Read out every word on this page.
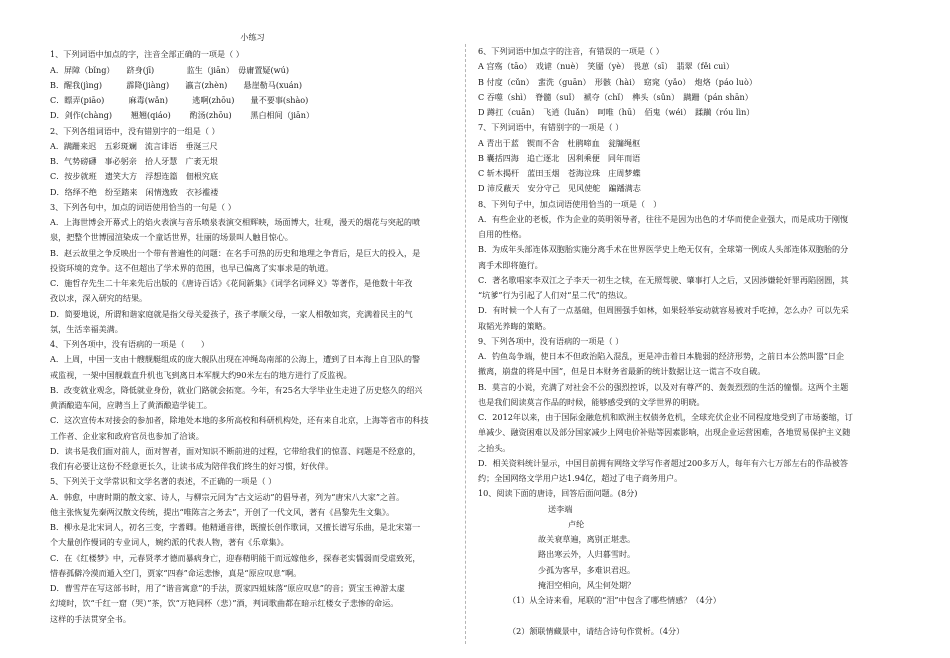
小练习
1、下列词语中加点的字，注音全部正确的一项是（ ）
A．屏障（bǐng）　　跻身(jī)　　　　监生（jiān）　毋庸置疑(wú)
B．醒我(jìng)　　　霹降(jiàng)　　瀛言(zhèn)　　悬崖勒马(xuán)
C．瞟弄(piāo)　　　麻毒(wǎn)　　　逃啊(zhōu)　　量不要事(shào)
D．剑作(chàng)　　 翘翘(qiáo)　　 酌汤(zhōu)　　 黑白相间（jiān）
2、下列各组词语中，没有错别字的一组是（ ）
A．蹒跚来迟　五彩斑斓　流言诽语　垂涎三尺
B．气势磅礴　事必躬亲　拾人牙慧　广袤无垠
C．按步就班　遗笑大方　浮想连篇　佃根究底
D．络绎不绝　纷至踏来　闲情逸致　衣衫褴褛
3、下列各句中，加点的词语使用恰当的一句是（ ）
A．上海世博会开幕式上的焰火表演与音乐喷泉表演交相辉映，场面博大，壮观，漫天的烟花与突起的喷
泉，把整个世博园渲染成一个童话世界，壮丽的场景叫人触目惊心。
B．赵云故里之争反映出一个带有普遍性的问题：在名手可热的历史和地理之争背后，是巨大的投入，是
投资环境的竞争。这不但超出了学术界的范围，也早已偏离了实事求是的轨道。
C．施哲存先生二十年来先后出版的《唐诗百话》《花间新集》《词学名词释义》等著作，是他数十年孜
孜以求，深入研究的结果。
D．简要地说，所谓和谐家庭就是指父母关爱孩子，孩子孝顺父母，一家人相敬如宾，充满着民主的气
氛，生活幸福美满。
4、下列各项中，没有语病的一项是（　　）
A．上周，中国一支由十艘舰艇组成的庞大舰队出现在冲绳岛南部的公海上，遭到了日本海上自卫队的警
戒监视，一架中国舰载直升机也飞到离日本军舰大约90米左右的地方进行了反监视。
B．改变就业观念，降低就业身份，就业门路就会拓宽。今年，有25名大学毕业生走进了历史悠久的绍兴
黄酒酿造车间，应聘当上了黄酒酿造学徒工。
C．这次宣传本对接会的参加者，除地处本地的多所高校和科研机构处，还有来自北京，上海等省市的科技
工作者、企业家和政府官员也参加了洽谈。
D．读书是我们面对前人，面对智者，面对知识不断前进的过程，它带给我们的惊喜、问题是不经意的，
我们有必要让这份不经意更长久，让读书成为陪伴我们终生的好习惯，好伙伴。
5、下列关于文学常识和文学名著的表述，不正确的一项是（ ）
A．韩愈，中唐时期的散文家、诗人，与柳宗元同为“古文运动”的倡导者，列为“唐宋八大家”之首。
他主张恢复先秦两汉散文传统，提出“唯陈言之务去”，开创了一代文风，著有《昌黎先生文集》。
B．柳永是北宋词人，初名三变，字耆卿。他精通音律，既擅长创作歌词，又擅长谱写乐曲，是北宋第一
个大量创作慢词的专业词人，婉约派的代表人物，著有《乐章集》。
C．在《红楼梦》中，元春贤孝才德而暴病身亡，迎春精明能干而远嫁他乡，探春老实懦弱而受虐致死，
惜春孤僻冷漠而遁入空门，贾家“四春”命运悲惨，真是“原应叹息”啊。
D．曹雪芹在写这部书时，用了“谐音寓意”的手法，贾家四姐妹落“原应叹息”的音；贾宝玉神游太虚
幻境时，饮“千红一窟（哭）”茶，饮“万艳同杯（悲）”酒，判词歌曲都在暗示红楼女子悲惨的命运。
这样的手法贯穿全书。
6、下列词语中加点字的注音，有错误的一项是（ ）
A 宫殇（tāo）　戏谑（nuè）　笑靥（yè）　畏葸（sī）　翡翠（fěi cuì）
B 付度（cǔn）　蜚洗（guān）　形骸（hài）　窈窕（yǎo）　炮烙（páo luò）
C 吞噬（shì）　脊髓（suǐ）　褫夺（chǐ）　榫头（sǔn）　蹒跚（pán shān）
D 蹲扛（cuān）　飞逍（luǎn）　呵唯（hū）　佰鬼（wéi）　蹂躏（róu lìn）
7、下列词语中，有错别字的一项是（ ）
A 青出于蓝　锲而不舍　杜鹃啼血　瓮牖绳枢
B 囊括四海　追亡逐北　因利乘便　同年而语
C 斩木揭杆　蓝田玉烟　苍海泣珠　庄周梦蝶
D 沛反蔽天　安分守己　见风使舵　蹁蹯满志
8、下列句子中，加点词语使用恰当的一项是（　）
A．有些企业的老板，作为企业的英明领导者，往往不是因为出色的才华而使企业强大，而是成功于刚愎
自用的性格。
B．为成年头部连体双胞胎实施分离手术在世界医学史上绝无仅有，全球第一例成人头部连体双胞胎的分
离手术即将施行。
C．著名歌唱家李双江之子李天一初生之犊，在无照驾驶、肇事打人之后，又因涉嫌轮奸罪再陷囹圄，其
“坑爹”行为引起了人们对“星二代”的热议。
D．有时候一个人有了一点基础，但周围强手如林，如果轻举妄动就容易被对手吃掉，怎么办？可以先采
取韬光养晦的策略。
9、下列各项中，没有语病的一项是（ ）
A．钓鱼岛争端，使日本不但政治陷入混乱，更是冲击着日本脆弱的经济形势，之前日本公然叫嚣“日企
撤离，崩盘的将是中国”，但是日本财务省最新的统计数据让这一谎言不攻自破。
B．莫言的小说，充满了对社会不公的强烈控诉，以及对有尊严的、轰轰烈烈的生活的憧憬。这两个主题
也是我们阅读莫言作品的时候，能够感受到的文学世界的明晓。
C．2012年以来，由于国际金融危机和欧洲主权债务危机，全球充伏企业不同程度地受到了市场萎缩，订
单减少、融资困难以及部分国家减少上网电价补贴等因素影响，出现企业运营困难，各地贸易保护主义随
之抬头。
D．相关资料统计显示，中国目前拥有网络文学写作者超过200多万人，每年有六七万部左右的作品被答
约；全国网络文学用户达1.94亿，超过了电子商务用户。
10、阅读下面的唐诗，回答后面问题。(8分)
送李端
卢纶
故关衰草遍，离别正堪悲。
路出寒云外，人归暮雪时。
少孤为客早，多难识君迟。
掩泪空相向，风尘何处期？
（1）从全诗来看，尾联的“泪”中包含了哪些情感？（4分）
（2）颔联情藏景中，请结合诗句作赏析。（4分）
